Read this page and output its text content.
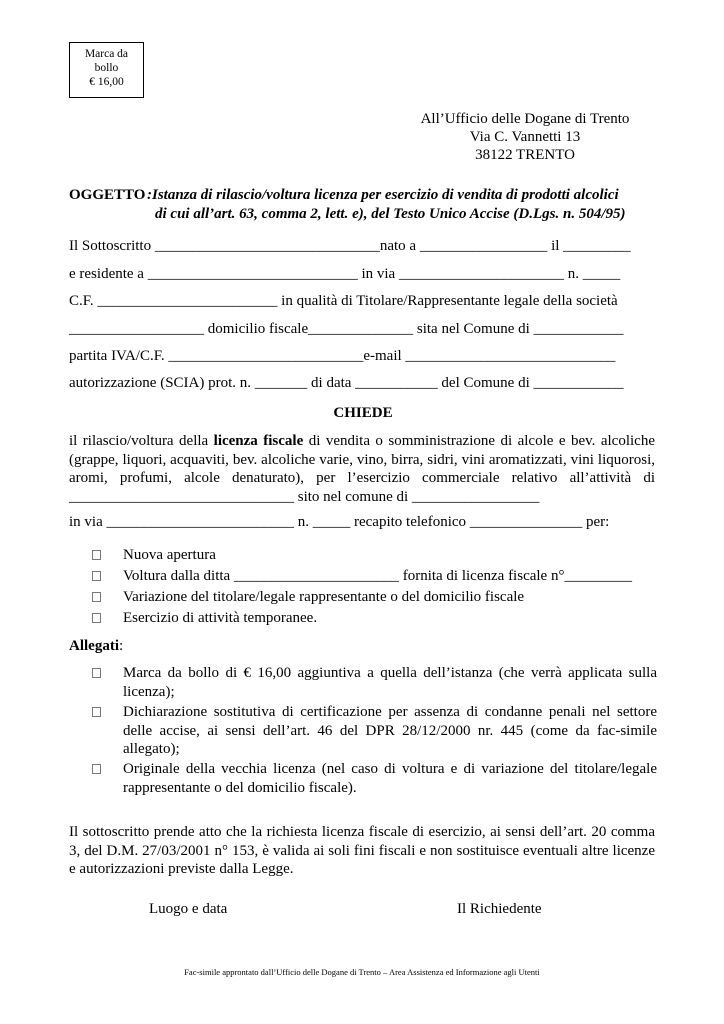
Marca da
bollo
€ 16,00
All’Ufficio delle Dogane di Trento
Via C. Vannetti 13
38122 TRENTO
OGGETTO :Istanza di rilascio/voltura licenza per esercizio di vendita di prodotti alcolici
di cui all’art. 63, comma 2, lett. e), del Testo Unico Accise (D.Lgs. n. 504/95)
Il Sottoscritto ______________________________nato a _________________ il _________
e residente a ____________________________ in via ______________________ n. _____
C.F. ________________________ in qualità di Titolare/Rappresentante legale della società
__________________ domicilio fiscale______________ sita nel Comune di ____________
partita IVA/C.F. __________________________e-mail ____________________________
autorizzazione (SCIA) prot. n. _______ di data ___________ del Comune di ____________
CHIEDE
il rilascio/voltura della licenza fiscale di vendita o somministrazione di alcole e bev. alcoliche (grappe, liquori, acquaviti, bev. alcoliche varie, vino, birra, sidri, vini aromatizzati, vini liquorosi, aromi, profumi, alcole denaturato), per l’esercizio commerciale relativo all’attività di ______________________________ sito nel comune di _________________
in via _________________________ n. _____ recapito telefonico _______________ per:
Nuova apertura
Voltura dalla ditta ______________________ fornita di licenza fiscale n°_________
Variazione del titolare/legale rappresentante o del domicilio fiscale
Esercizio di attività temporanee.
Allegati:
Marca da bollo di € 16,00 aggiuntiva a quella dell’istanza (che verrà applicata sulla licenza);
Dichiarazione sostitutiva di certificazione per assenza di condanne penali nel settore delle accise, ai sensi dell’art. 46 del DPR 28/12/2000 nr. 445 (come da fac-simile allegato);
Originale della vecchia licenza (nel caso di voltura e di variazione del titolare/legale rappresentante o del domicilio fiscale).
Il sottoscritto prende atto che la richiesta licenza fiscale di esercizio, ai sensi dell’art. 20 comma 3, del D.M. 27/03/2001 n° 153, è valida ai soli fini fiscali e non sostituisce eventuali altre licenze e autorizzazioni previste dalla Legge.
Luogo e data	Il Richiedente
Fac-simile approntato dall’Ufficio delle Dogane di Trento – Area Assistenza ed Informazione agli Utenti
